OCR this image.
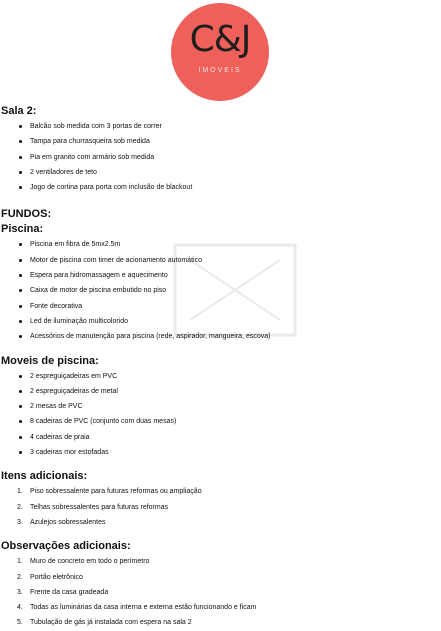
C&J
IMOVEIS

Sala 2:

Balcão sob medida com 3 portas de correr
Tampa para churrasqueira sob medida
Pia em granito com armário sob medida
2 ventiladores de teto
Jogo de cortina para porta com inclusão de blackout

FUNDOS:

Piscina:

Piscina em fibra de 5mx2.5m
Motor de piscina com timer de acionamento automático
Espera para hidromassagem e aquecimento
Caixa de motor de piscina embutido no piso
Fonte decorativa
Led de iluminação multicolorido
Acessórios de manutenção para piscina (rede, aspirador, mangueira, escova)

Moveis de piscina:

2 espreguiçadeiras em PVC
2 espreguiçadeiras de metal
2 mesas de PVC
8 cadeiras de PVC (conjunto com duas mesas)
4 cadeiras de praia
3 cadeiras mor estofadas

Itens adicionais:

Piso sobressalente para futuras reformas ou ampliação
Telhas sobressalentes para futuras reformas
Azulejos sobressalentes

Observações adicionais:

Muro de concreto em todo o perímetro
Portão eletrônico
Frente da casa gradeada
Todas as luminárias da casa interna e externa estão funcionando e ficam
Tubulação de gás já instalada com espera na sala 2
